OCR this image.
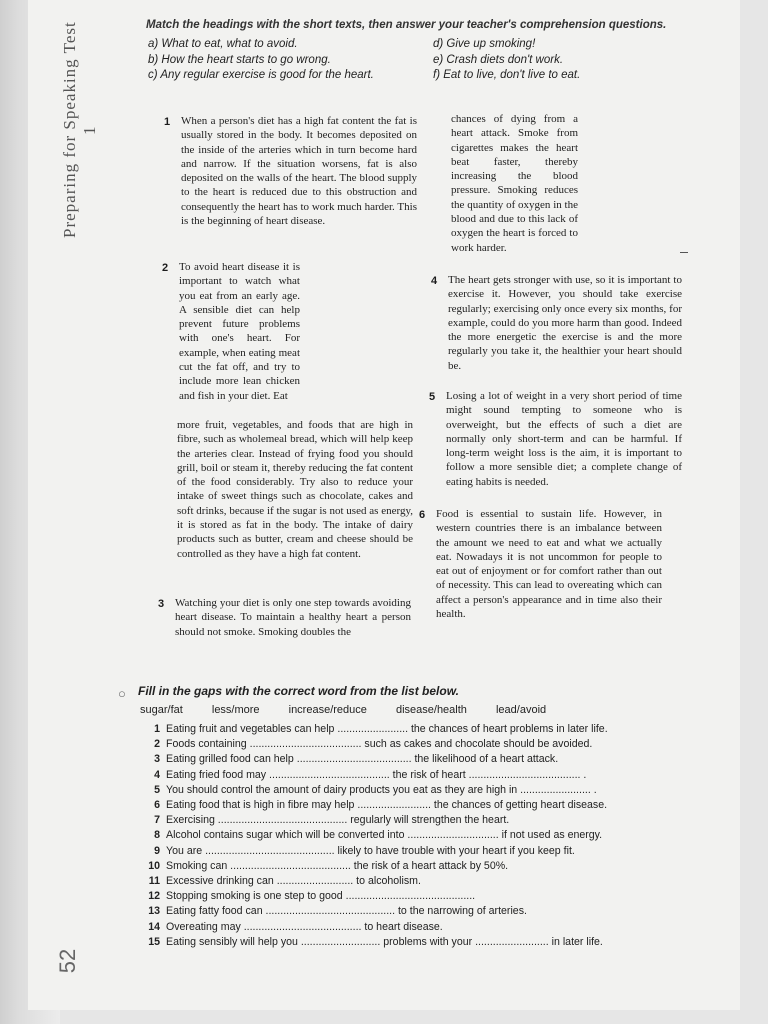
Preparing for Speaking Test 1
52
Match the headings with the short texts, then answer your teacher's comprehension questions.
a) What to eat, what to avoid.	d) Give up smoking!
b) How the heart starts to go wrong.	e) Crash diets don't work.
c) Any regular exercise is good for the heart.	f) Eat to live, don't live to eat.
1 When a person's diet has a high fat content the fat is usually stored in the body. It becomes deposited on the inside of the arteries which in turn become hard and narrow. If the situation worsens, fat is also deposited on the walls of the heart. The blood supply to the heart is reduced due to this obstruction and consequently the heart has to work much harder. This is the beginning of heart disease.
2 To avoid heart disease it is important to watch what you eat from an early age. A sensible diet can help prevent future problems with one's heart. For example, when eating meat cut the fat off, and try to include more lean chicken and fish in your diet. Eat
more fruit, vegetables, and foods that are high in fibre, such as wholemeal bread, which will help keep the arteries clear. Instead of frying food you should grill, boil or steam it, thereby reducing the fat content of the food considerably. Try also to reduce your intake of sweet things such as chocolate, cakes and soft drinks, because if the sugar is not used as energy, it is stored as fat in the body. The intake of dairy products such as butter, cream and cheese should be controlled as they have a high fat content.
3 Watching your diet is only one step towards avoiding heart disease. To maintain a healthy heart a person should not smoke. Smoking doubles the
chances of dying from a heart attack. Smoke from cigarettes makes the heart beat faster, thereby increasing the blood pressure. Smoking reduces the quantity of oxygen in the blood and due to this lack of oxygen the heart is forced to work harder.
4 The heart gets stronger with use, so it is important to exercise it. However, you should take exercise regularly; exercising only once every six months, for example, could do you more harm than good. Indeed the more energetic the exercise is and the more regularly you take it, the healthier your heart should be.
5 Losing a lot of weight in a very short period of time might sound tempting to someone who is overweight, but the effects of such a diet are normally only short-term and can be harmful. If long-term weight loss is the aim, it is important to follow a more sensible diet; a complete change of eating habits is needed.
6 Food is essential to sustain life. However, in western countries there is an imbalance between the amount we need to eat and what we actually eat. Nowadays it is not uncommon for people to eat out of enjoyment or for comfort rather than out of necessity. This can lead to overeating which can affect a person's appearance and in time also their health.
○ Fill in the gaps with the correct word from the list below.
sugar/fat	less/more	increase/reduce	disease/health	lead/avoid
1 Eating fruit and vegetables can help ........................ the chances of heart problems in later life.
2 Foods containing ...................................... such as cakes and chocolate should be avoided.
3 Eating grilled food can help ....................................... the likelihood of a heart attack.
4 Eating fried food may ......................................... the risk of heart ...................................... .
5 You should control the amount of dairy products you eat as they are high in ........................ .
6 Eating food that is high in fibre may help ......................... the chances of getting heart disease.
7 Exercising ............................................ regularly will strengthen the heart.
8 Alcohol contains sugar which will be converted into ............................... if not used as energy.
9 You are ............................................ likely to have trouble with your heart if you keep fit.
10 Smoking can ......................................... the risk of a heart attack by 50%.
11 Excessive drinking can .......................... to alcoholism.
12 Stopping smoking is one step to good ............................................
13 Eating fatty food can ............................................ to the narrowing of arteries.
14 Overeating may ........................................ to heart disease.
15 Eating sensibly will help you ........................... problems with your ......................... in later life.
